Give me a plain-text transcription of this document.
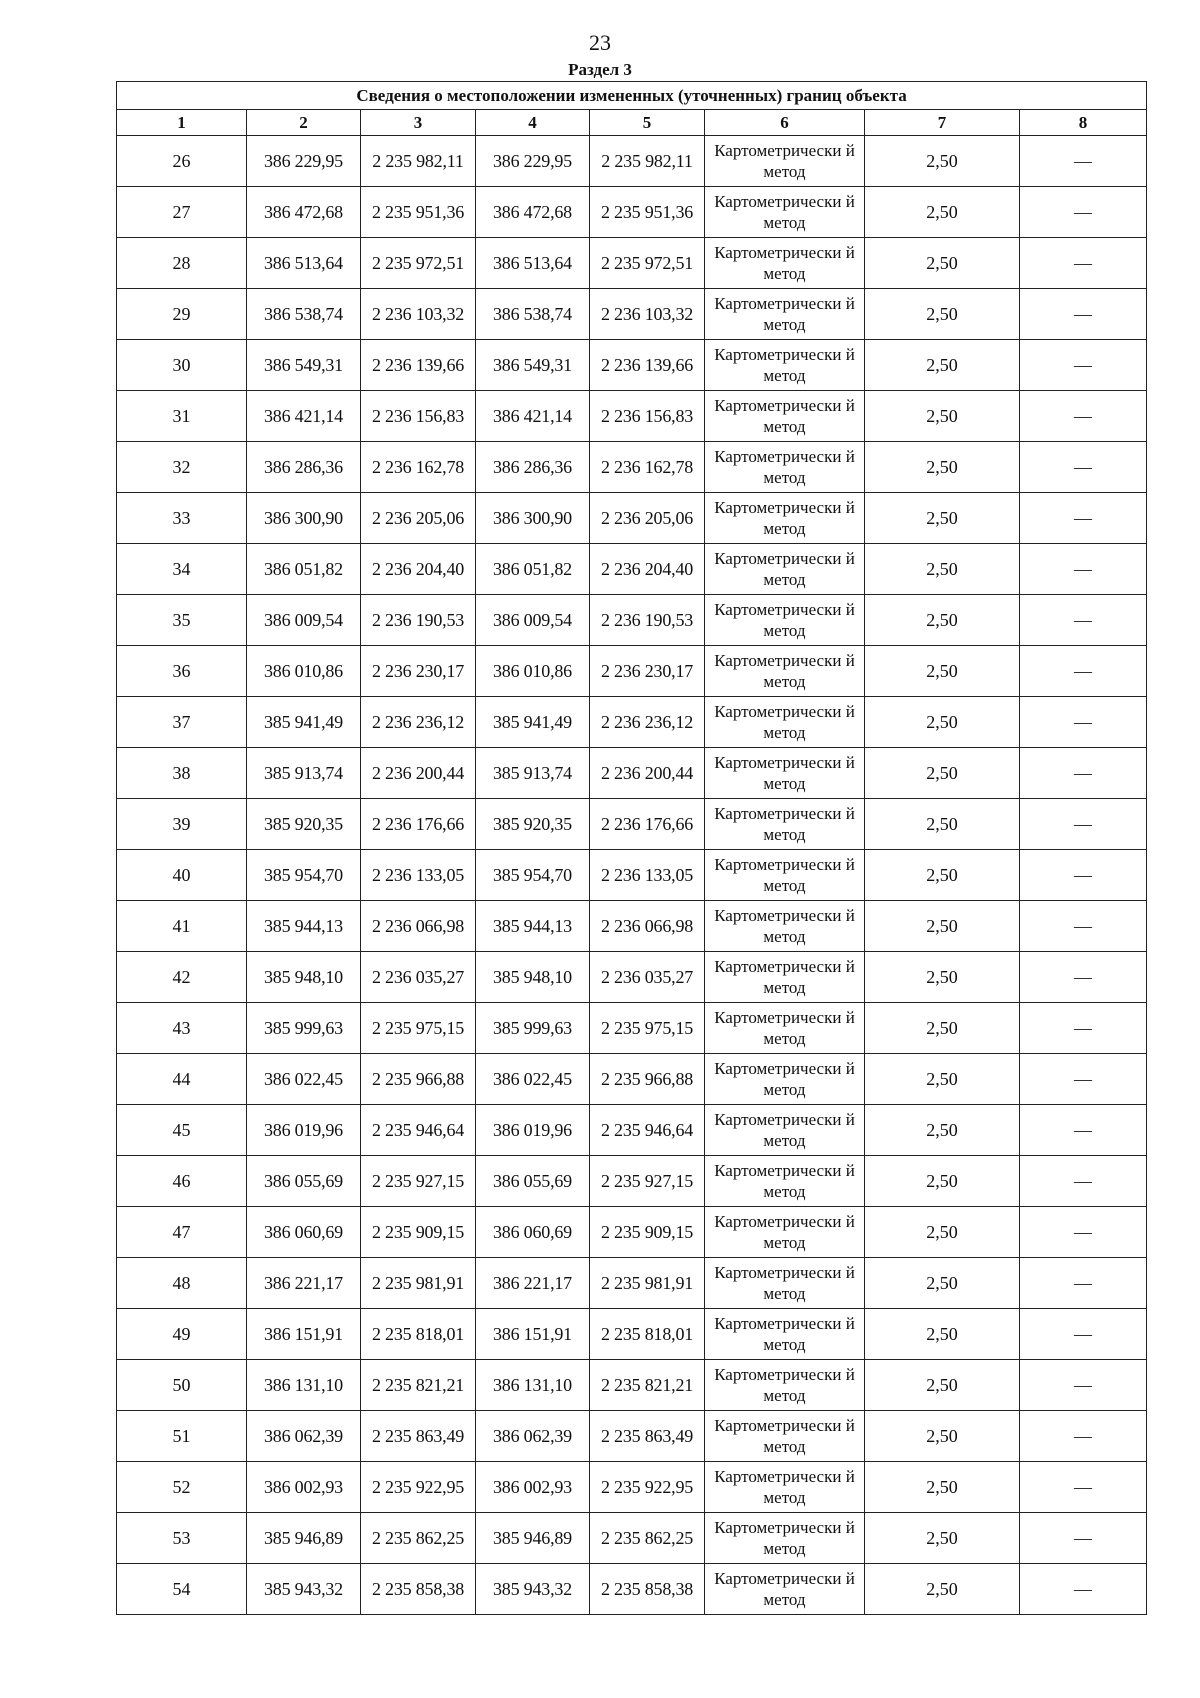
23
Раздел 3
Сведения о местоположении измененных (уточненных) границ объекта							
1	2	3	4	5	6	7	8
26	386 229,95	2 235 982,11	386 229,95	2 235 982,11	Картометрически й метод	2,50	—
27	386 472,68	2 235 951,36	386 472,68	2 235 951,36	Картометрически й метод	2,50	—
28	386 513,64	2 235 972,51	386 513,64	2 235 972,51	Картометрически й метод	2,50	—
29	386 538,74	2 236 103,32	386 538,74	2 236 103,32	Картометрически й метод	2,50	—
30	386 549,31	2 236 139,66	386 549,31	2 236 139,66	Картометрически й метод	2,50	—
31	386 421,14	2 236 156,83	386 421,14	2 236 156,83	Картометрически й метод	2,50	—
32	386 286,36	2 236 162,78	386 286,36	2 236 162,78	Картометрически й метод	2,50	—
33	386 300,90	2 236 205,06	386 300,90	2 236 205,06	Картометрически й метод	2,50	—
34	386 051,82	2 236 204,40	386 051,82	2 236 204,40	Картометрически й метод	2,50	—
35	386 009,54	2 236 190,53	386 009,54	2 236 190,53	Картометрически й метод	2,50	—
36	386 010,86	2 236 230,17	386 010,86	2 236 230,17	Картометрически й метод	2,50	—
37	385 941,49	2 236 236,12	385 941,49	2 236 236,12	Картометрически й метод	2,50	—
38	385 913,74	2 236 200,44	385 913,74	2 236 200,44	Картометрически й метод	2,50	—
39	385 920,35	2 236 176,66	385 920,35	2 236 176,66	Картометрически й метод	2,50	—
40	385 954,70	2 236 133,05	385 954,70	2 236 133,05	Картометрически й метод	2,50	—
41	385 944,13	2 236 066,98	385 944,13	2 236 066,98	Картометрически й метод	2,50	—
42	385 948,10	2 236 035,27	385 948,10	2 236 035,27	Картометрически й метод	2,50	—
43	385 999,63	2 235 975,15	385 999,63	2 235 975,15	Картометрически й метод	2,50	—
44	386 022,45	2 235 966,88	386 022,45	2 235 966,88	Картометрически й метод	2,50	—
45	386 019,96	2 235 946,64	386 019,96	2 235 946,64	Картометрически й метод	2,50	—
46	386 055,69	2 235 927,15	386 055,69	2 235 927,15	Картометрически й метод	2,50	—
47	386 060,69	2 235 909,15	386 060,69	2 235 909,15	Картометрически й метод	2,50	—
48	386 221,17	2 235 981,91	386 221,17	2 235 981,91	Картометрически й метод	2,50	—
49	386 151,91	2 235 818,01	386 151,91	2 235 818,01	Картометрически й метод	2,50	—
50	386 131,10	2 235 821,21	386 131,10	2 235 821,21	Картометрически й метод	2,50	—
51	386 062,39	2 235 863,49	386 062,39	2 235 863,49	Картометрически й метод	2,50	—
52	386 002,93	2 235 922,95	386 002,93	2 235 922,95	Картометрически й метод	2,50	—
53	385 946,89	2 235 862,25	385 946,89	2 235 862,25	Картометрически й метод	2,50	—
54	385 943,32	2 235 858,38	385 943,32	2 235 858,38	Картометрически й метод	2,50	—
